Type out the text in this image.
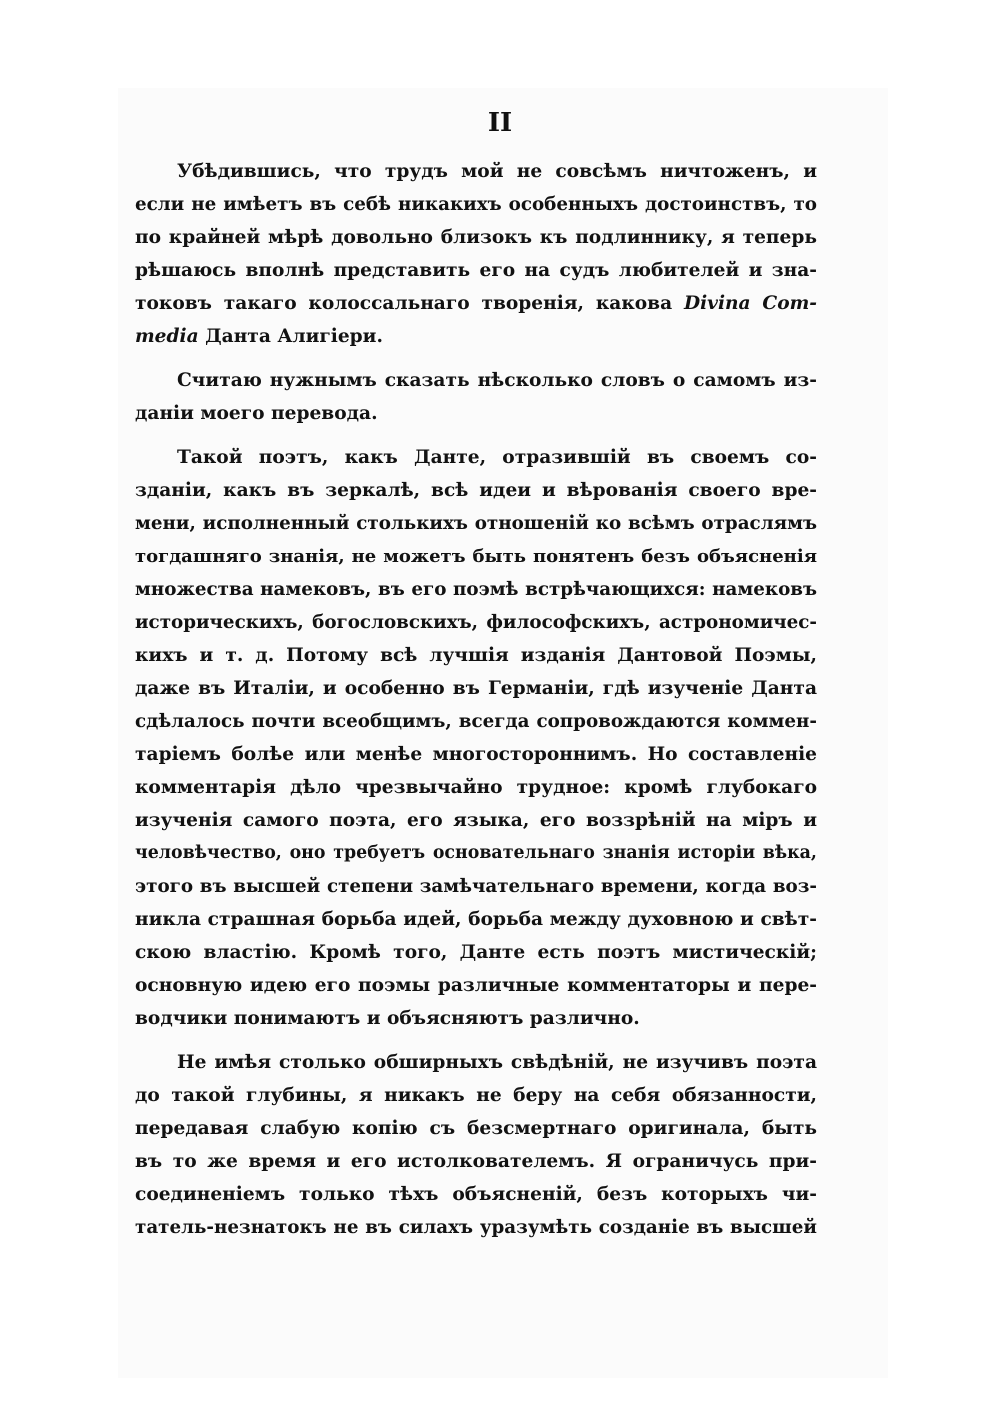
II
Убѣдившись, что трудъ мой не совсѣмъ ничтоженъ, и
если не имѣетъ въ себѣ никакихъ особенныхъ достоинствъ, то
по крайней мѣрѣ довольно близокъ къ подлиннику, я теперь
рѣшаюсь вполнѣ представить его на судъ любителей и зна-
токовъ такаго колоссальнаго творенія, какова Divina Com-
media Данта Алигіери.
Считаю нужнымъ сказать нѣсколько словъ о самомъ из-
даніи моего перевода.
Такой поэтъ, какъ Данте, отразившій въ своемъ со-
зданіи, какъ въ зеркалѣ, всѣ идеи и вѣрованія своего вре-
мени, исполненный столькихъ отношеній ко всѣмъ отраслямъ
тогдашняго знанія, не можетъ быть понятенъ безъ объясненія
множества намековъ, въ его поэмѣ встрѣчающихся: намековъ
историческихъ, богословскихъ, философскихъ, астрономичес-
кихъ и т. д. Потому всѣ лучшія изданія Дантовой Поэмы,
даже въ Италіи, и особенно въ Германіи, гдѣ изученіе Данта
сдѣлалось почти всеобщимъ, всегда сопровождаются коммен-
таріемъ болѣе или менѣе многостороннимъ. Но составленіе
комментарія дѣло чрезвычайно трудное: кромѣ глубокаго
изученія самого поэта, его языка, его воззрѣній на міръ и
человѣчество, оно требуетъ основательнаго знанія исторіи вѣка,
этого въ высшей степени замѣчательнаго времени, когда воз-
никла страшная борьба идей, борьба между духовною и свѣт-
скою властію. Кромѣ того, Данте есть поэтъ мистическій;
основную идею его поэмы различные комментаторы и пере-
водчики понимаютъ и объясняютъ различно.
Не имѣя столько обширныхъ свѣдѣній, не изучивъ поэта
до такой глубины, я никакъ не беру на себя обязанности,
передавая слабую копію съ безсмертнаго оригинала, быть
въ то же время и его истолкователемъ. Я ограничусь при-
соединеніемъ только тѣхъ объясненій, безъ которыхъ чи-
татель-незнатокъ не въ силахъ уразумѣть созданіе въ высшей
